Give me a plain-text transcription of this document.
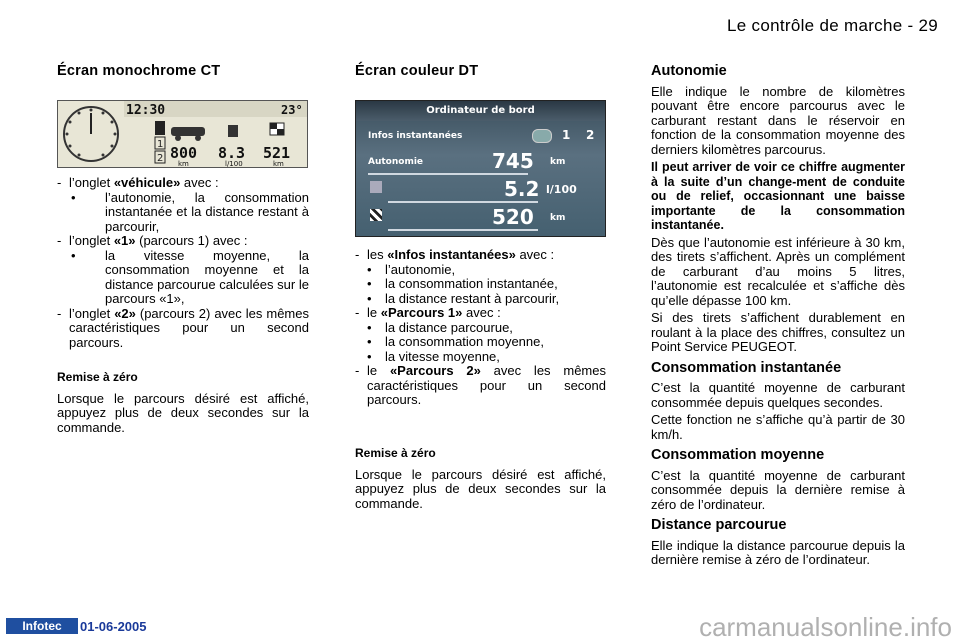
Le contrôle de marche - 29
Écran monochrome CT
12:30	23°
1
2 800 8.3 521
km	l/100	km
- l’onglet «véhicule» avec :
• l’autonomie, la consommation instantanée et la distance restant à parcourir,
- l’onglet «1» (parcours 1) avec :
• la vitesse moyenne, la consommation moyenne et la distance parcourue calculées sur le parcours «1»,
- l’onglet «2» (parcours 2) avec les mêmes caractéristiques pour un second parcours.

Remise à zéro

Lorsque le parcours désiré est affiché, appuyez plus de deux secondes sur la commande.

Écran couleur DT
Ordinateur de bord
Infos instantanées	1 2
Autonomie	745 km
5.2 l/100
520 km
- les «Infos instantanées» avec :
• l’autonomie,
• la consommation instantanée,
• la distance restant à parcourir,
- le «Parcours 1» avec :
• la distance parcourue,
• la consommation moyenne,
• la vitesse moyenne,
- le «Parcours 2» avec les mêmes caractéristiques pour un second parcours.

Remise à zéro

Lorsque le parcours désiré est affiché, appuyez plus de deux secondes sur la commande.

Autonomie

Elle indique le nombre de kilomètres pouvant être encore parcourus avec le carburant restant dans le réservoir en fonction de la consommation moyenne des derniers kilomètres parcourus.

Il peut arriver de voir ce chiffre augmenter à la suite d’un change-ment de conduite ou de relief, occasionnant une baisse importante de la consommation instantanée.

Dès que l’autonomie est inférieure à 30 km, des tirets s’affichent. Après un complément de carburant d’au moins 5 litres, l’autonomie est recalculée et s’affiche dès qu’elle dépasse 100 km.

Si des tirets s’affichent durablement en roulant à la place des chiffres, consultez un Point Service PEUGEOT.

Consommation instantanée

C’est la quantité moyenne de carburant consommée depuis quelques secondes.

Cette fonction ne s’affiche qu’à partir de 30 km/h.

Consommation moyenne

C’est la quantité moyenne de carburant consommée depuis la dernière remise à zéro de l’ordinateur.

Distance parcourue

Elle indique la distance parcourue depuis la dernière remise à zéro de l’ordinateur.

Infotec	01-06-2005	carmanualsonline.info
